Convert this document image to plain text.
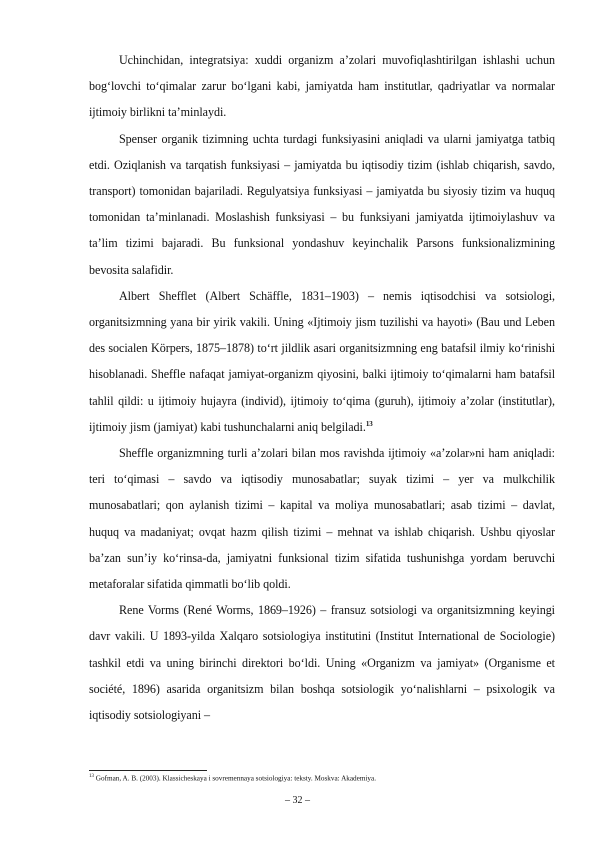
Uchinchidan, integratsiya: xuddi organizm a’zolari muvofiqlashtirilgan ishlashi uchun bog‘lovchi to‘qimalar zarur bo‘lgani kabi, jamiyatda ham institutlar, qadriyatlar va normalar ijtimoiy birlikni ta’minlaydi.

Spenser organik tizimning uchta turdagi funksiyasini aniqladi va ularni jamiyatga tatbiq etdi. Oziqlanish va tarqatish funksiyasi – jamiyatda bu iqtisodiy tizim (ishlab chiqarish, savdo, transport) tomonidan bajariladi. Regulyatsiya funksiyasi – jamiyatda bu siyosiy tizim va huquq tomonidan ta’minlanadi. Moslashish funksiyasi – bu funksiyani jamiyatda ijtimoiylashuv va ta’lim tizimi bajaradi. Bu funksional yondashuv keyinchalik Parsons funksionalizmining bevosita salafidir.

Albert Shefflet (Albert Schäffle, 1831–1903) – nemis iqtisodchisi va sotsiologi, organitsizmning yana bir yirik vakili. Uning «Ijtimoiy jism tuzilishi va hayoti» (Bau und Leben des socialen Körpers, 1875–1878) to‘rt jildlik asari organitsizmning eng batafsil ilmiy ko‘rinishi hisoblanadi. Sheffle nafaqat jamiyat-organizm qiyosini, balki ijtimoiy to‘qimalarni ham batafsil tahlil qildi: u ijtimoiy hujayra (individ), ijtimoiy to‘qima (guruh), ijtimoiy a’zolar (institutlar), ijtimoiy jism (jamiyat) kabi tushunchalarni aniq belgiladi.$^{13}$

Sheffle organizmning turli a’zolari bilan mos ravishda ijtimoiy «a’zolar»ni ham aniqladi: teri to‘qimasi – savdo va iqtisodiy munosabatlar; suyak tizimi – yer va mulkchilik munosabatlari; qon aylanish tizimi – kapital va moliya munosabatlari; asab tizimi – davlat, huquq va madaniyat; ovqat hazm qilish tizimi – mehnat va ishlab chiqarish. Ushbu qiyoslar ba’zan sun’iy ko‘rinsa-da, jamiyatni funksional tizim sifatida tushunishga yordam beruvchi metaforalar sifatida qimmatli bo‘lib qoldi.

Rene Vorms (René Worms, 1869–1926) – fransuz sotsiologi va organitsizmning keyingi davr vakili. U 1893-yilda Xalqaro sotsiologiya institutini (Institut International de Sociologie) tashkil etdi va uning birinchi direktori bo‘ldi. Uning «Organizm va jamiyat» (Organisme et société, 1896) asarida organitsizm bilan boshqa sotsiologik yo‘nalishlarni – psixologik va iqtisodiy sotsiologiyani –

$^{13}$ Gofman, A. B. (2003). Klassicheskaya i sovremennaya sotsiologiya: teksty. Moskva: Akademiya.
– 32 –
